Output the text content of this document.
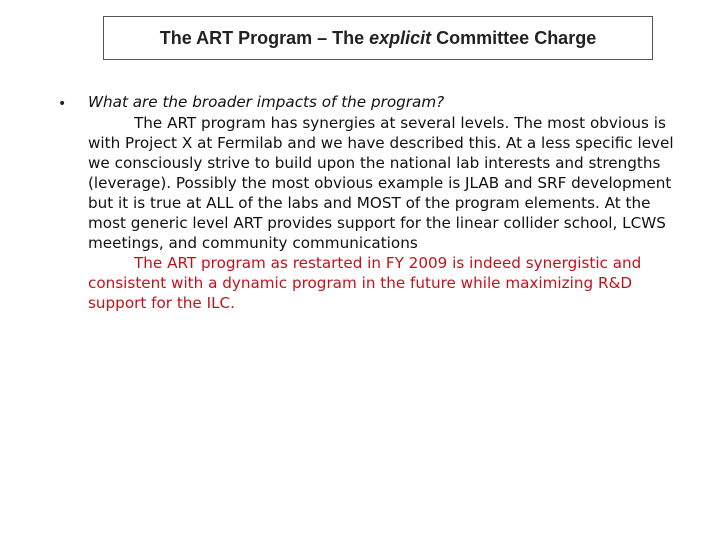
The ART Program – The explicit Committee Charge
• What are the broader impacts of the program?

The ART program has synergies at several levels. The most obvious is with Project X at Fermilab and we have described this. At a less specific level we consciously strive to build upon the national lab interests and strengths (leverage). Possibly the most obvious example is JLAB and SRF development but it is true at ALL of the labs and MOST of the program elements. At the most generic level ART provides support for the linear collider school, LCWS meetings, and community communications

The ART program as restarted in FY 2009 is indeed synergistic and consistent with a dynamic program in the future while maximizing R&D support for the ILC.
